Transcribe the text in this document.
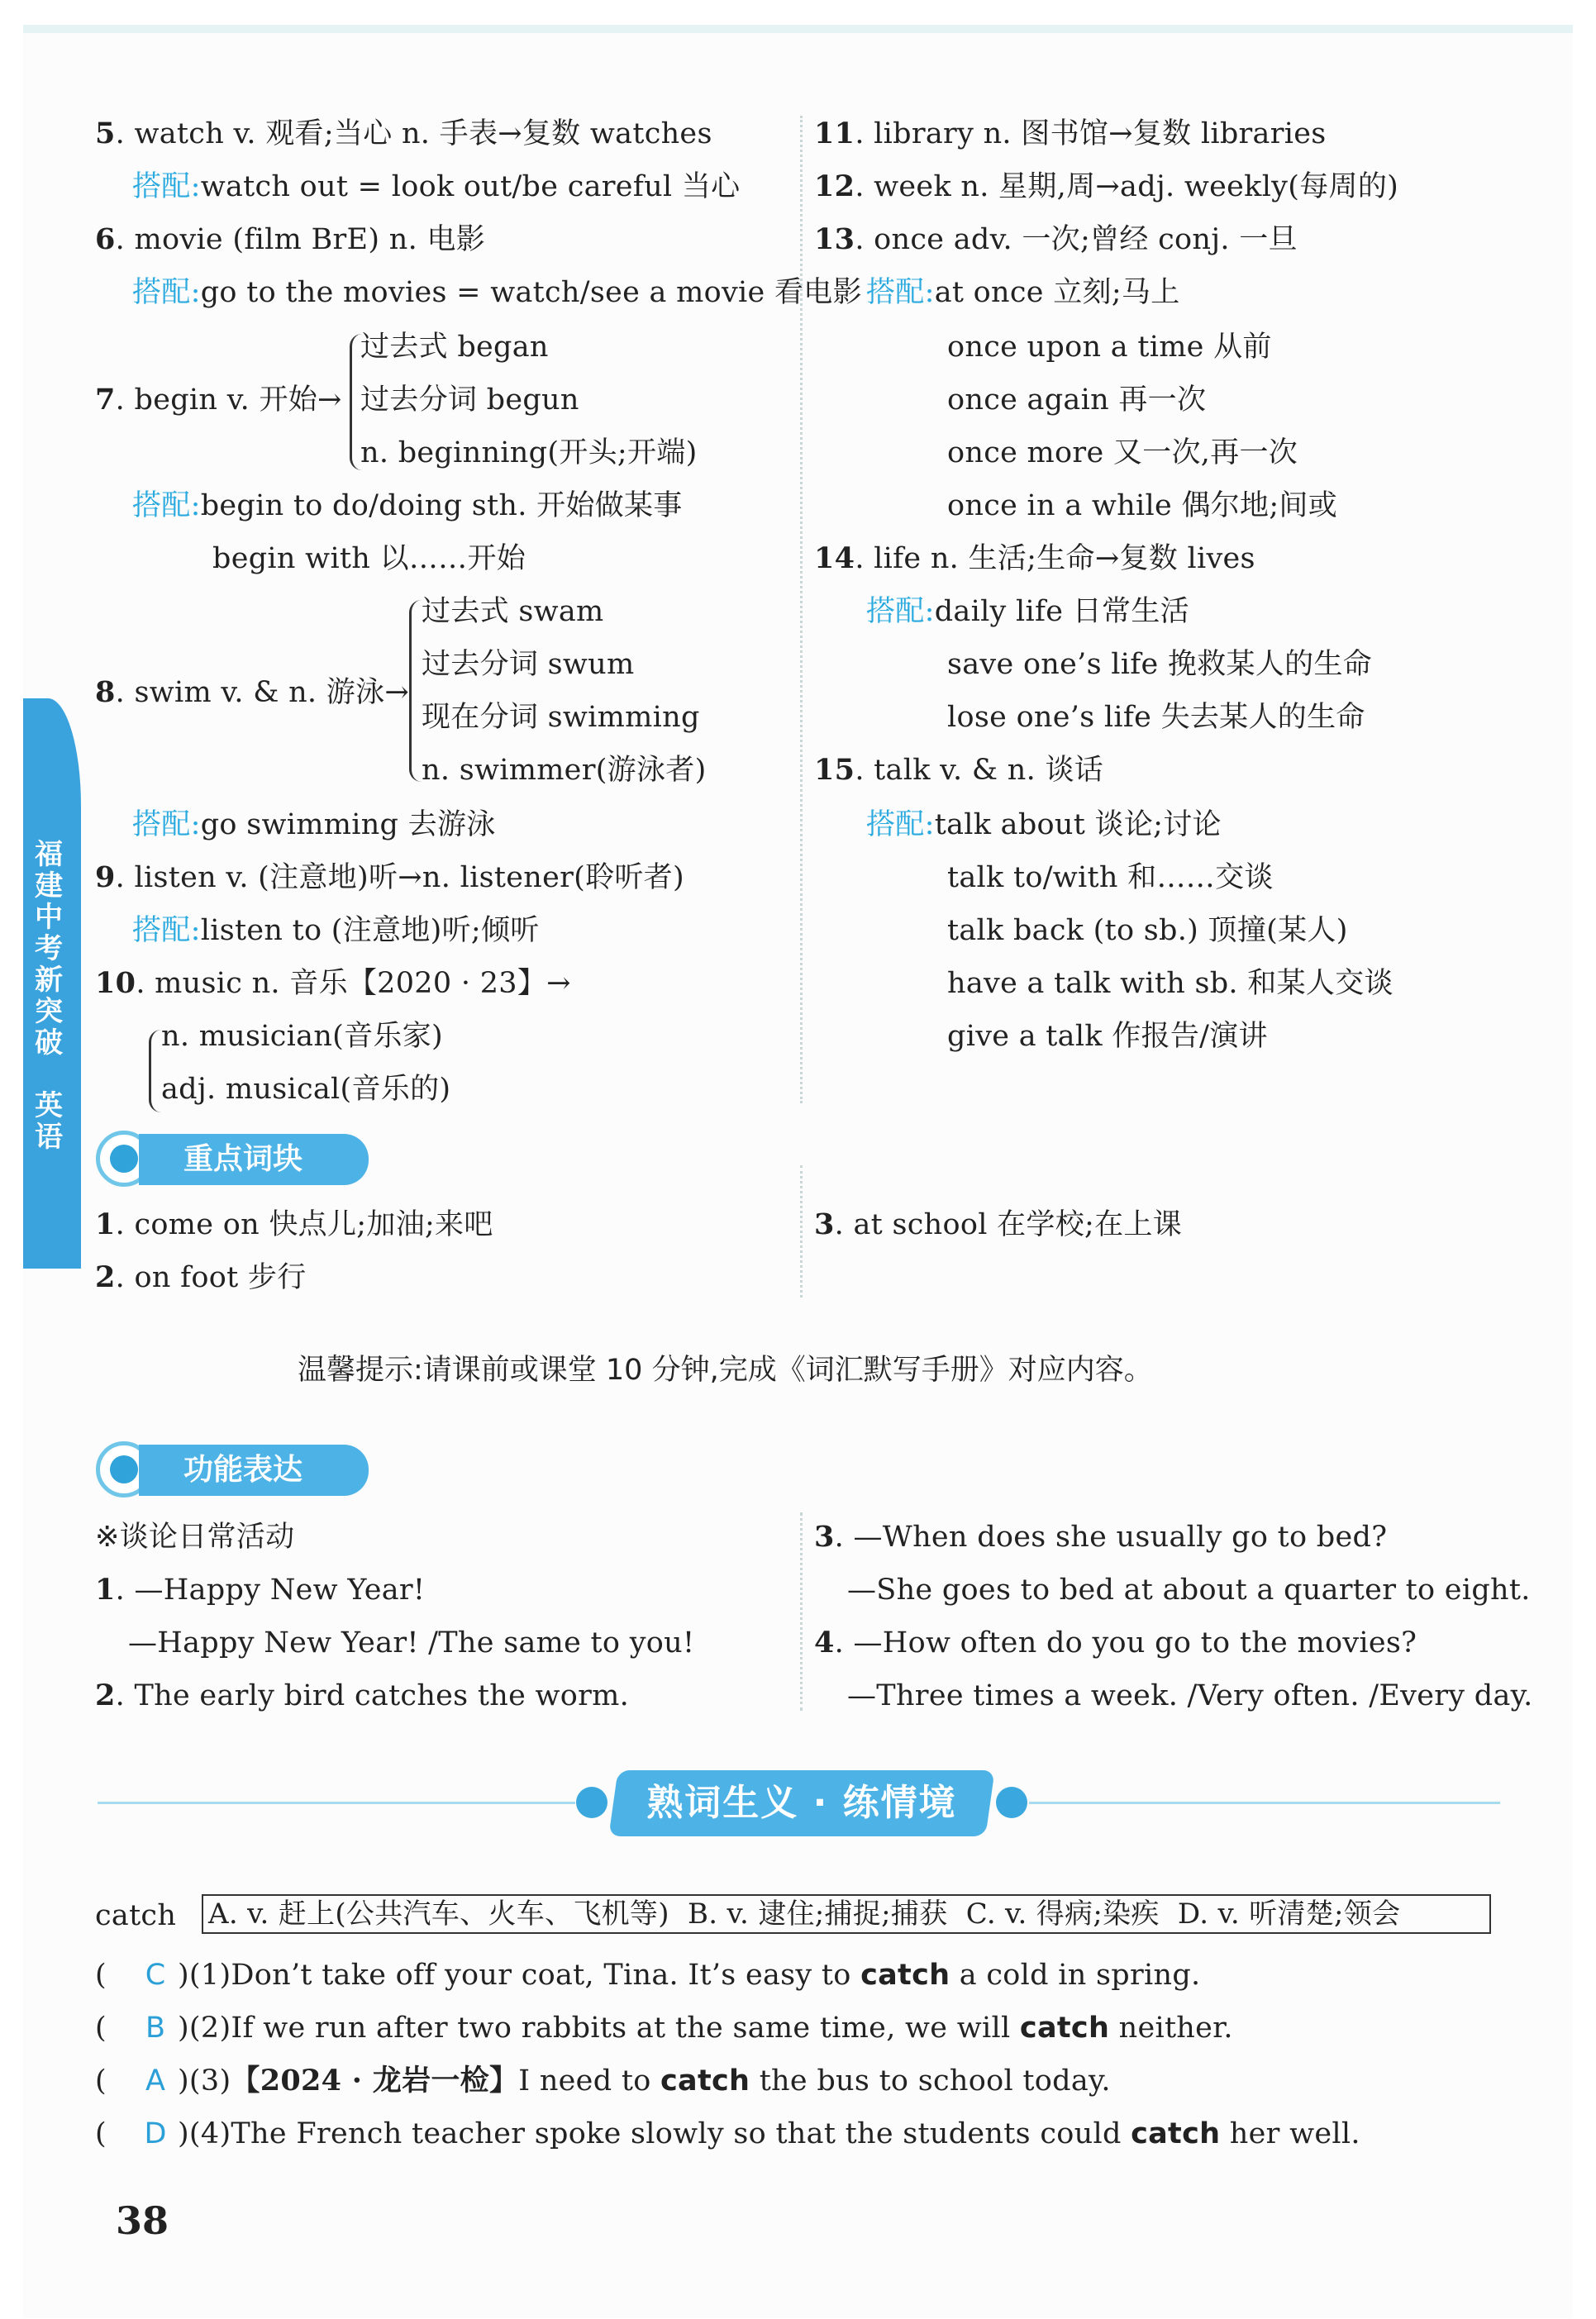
福
建
中
考
新
突
破

英
语
5. watch v. 观看;当心 n. 手表→复数 watches
搭配:watch out = look out/be careful 当心
6. movie (film BrE) n. 电影
搭配:go to the movies = watch/see a movie 看电影
7. begin v. 开始→
过去式 began
过去分词 begun
n. beginning(开头;开端)
搭配:begin to do/doing sth. 开始做某事
begin with 以……开始
8. swim v. & n. 游泳→
过去式 swam
过去分词 swum
现在分词 swimming
n. swimmer(游泳者)
搭配:go swimming 去游泳
9. listen v. (注意地)听→n. listener(聆听者)
搭配:listen to (注意地)听;倾听
10. music n. 音乐【2020 · 23】→
n. musician(音乐家)
adj. musical(音乐的)
11. library n. 图书馆→复数 libraries
12. week n. 星期,周→adj. weekly(每周的)
13. once adv. 一次;曾经 conj. 一旦
搭配:at once 立刻;马上
once upon a time 从前
once again 再一次
once more 又一次,再一次
once in a while 偶尔地;间或
14. life n. 生活;生命→复数 lives
搭配:daily life 日常生活
save one’s life 挽救某人的生命
lose one’s life 失去某人的生命
15. talk v. & n. 谈话
搭配:talk about 谈论;讨论
talk to/with 和……交谈
talk back (to sb.) 顶撞(某人)
have a talk with sb. 和某人交谈
give a talk 作报告/演讲
重点词块
1. come on 快点儿;加油;来吧
2. on foot 步行
3. at school 在学校;在上课
温馨提示:请课前或课堂 10 分钟,完成《词汇默写手册》对应内容。
功能表达
※谈论日常活动
1. —Happy New Year!
—Happy New Year! /The same to you!
2. The early bird catches the worm.
3. —When does she usually go to bed?
—She goes to bed at about a quarter to eight.
4. —How often do you go to the movies?
—Three times a week. /Very often. /Every day.
熟词生义 · 练情境
catch A. v. 赶上(公共汽车、火车、飞机等)  B. v. 逮住;捕捉;捕获  C. v. 得病;染疾  D. v. 听清楚;领会
( )(1)Don’t take off your coat, Tina. It’s easy to catch a cold in spring.
C
( )(2)If we run after two rabbits at the same time, we will catch neither.
B
( )(3)【2024 · 龙岩一检】I need to catch the bus to school today.
A
( )(4)The French teacher spoke slowly so that the students could catch her well.
D
38
